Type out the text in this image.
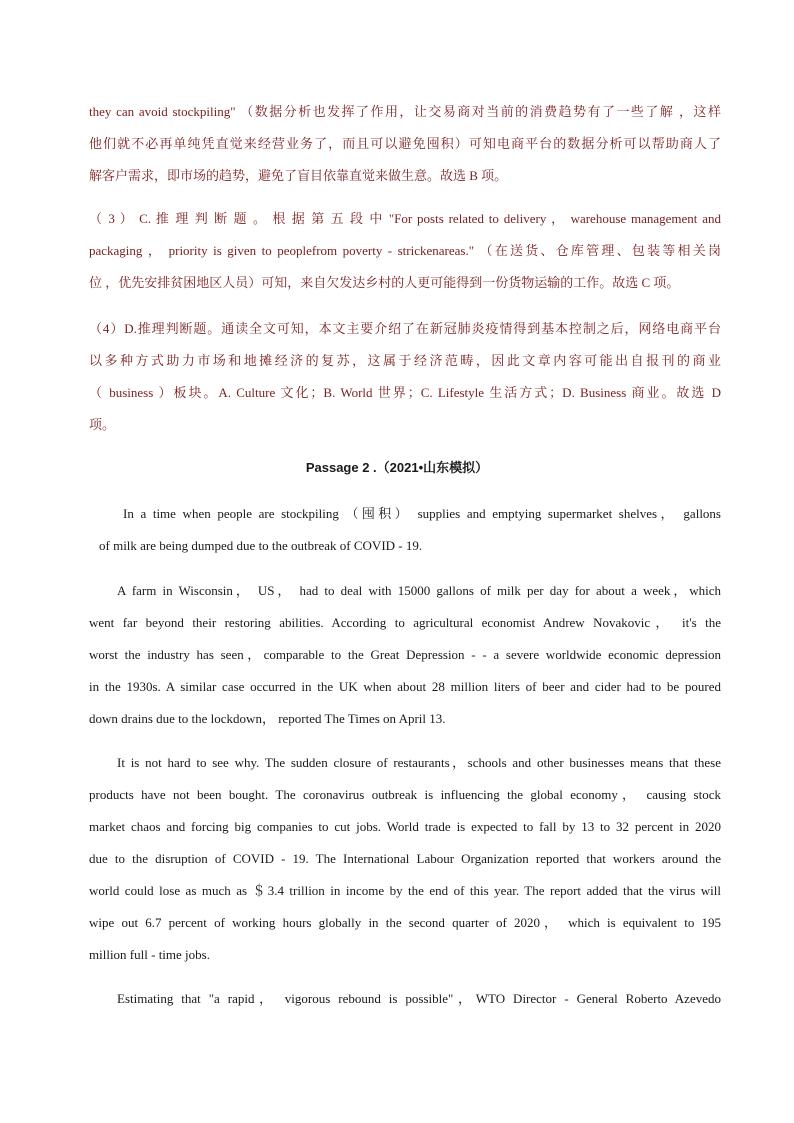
they can avoid stockpiling" （数据分析也发挥了作用，让交易商对当前的消费趋势有了一些了解 ，这样
他们就不必再单纯凭直觉来经营业务了，而且可以避免囤积）可知电商平台的数据分析可以帮助商人了
解客户需求，即市场的趋势，避免了盲目依靠直觉来做生意。故选 B 项。
（ 3 ） C. 推 理 判 断 题 。 根 据 第 五 段 中 "For posts related to delivery ， warehouse management and
packaging ， priority is given to peoplefrom poverty - strickenareas." （在送货、仓库管理、包装等相关岗
位 ，优先安排贫困地区人员）可知，来自欠发达乡村的人更可能得到一份货物运输的工作。故选 C 项。
（4）D.推理判断题。通读全文可知，本文主要介绍了在新冠肺炎疫情得到基本控制之后，网络电商平台
以多种方式助力市场和地摊经济的复苏，这属于经济范畴，因此文章内容可能出自报刊的商业
（ business ）板块。A. Culture 文化；B. World 世界；C. Lifestyle 生活方式；D. Business 商业。故选 D
项。
Passage 2 .（2021•山东模拟）
In a time when people are stockpiling （囤积） supplies and emptying supermarket shelves， gallons
of milk are being dumped due to the outbreak of COVID - 19.
A farm in Wisconsin， US， had to deal with 15000 gallons of milk per day for about a week，which
went far beyond their restoring abilities. According to agricultural economist Andrew Novakovic， it's the
worst the industry has seen，comparable to the Great Depression - - a severe worldwide economic depression
in the 1930s. A similar case occurred in the UK when about 28 million liters of beer and cider had to be poured
down drains due to the lockdown， reported The Times on April 13.
It is not hard to see why. The sudden closure of restaurants，schools and other businesses means that these
products have not been bought. The coronavirus outbreak is influencing the global economy， causing stock
market chaos and forcing big companies to cut jobs. World trade is expected to fall by 13 to 32 percent in 2020
due to the disruption of COVID - 19. The International Labour Organization reported that workers around the
world could lose as much as ＄3.4 trillion in income by the end of this year. The report added that the virus will
wipe out 6.7 percent of working hours globally in the second quarter of 2020， which is equivalent to 195
million full - time jobs.
Estimating that "a rapid， vigorous rebound is possible"，WTO Director - General Roberto Azevedo
